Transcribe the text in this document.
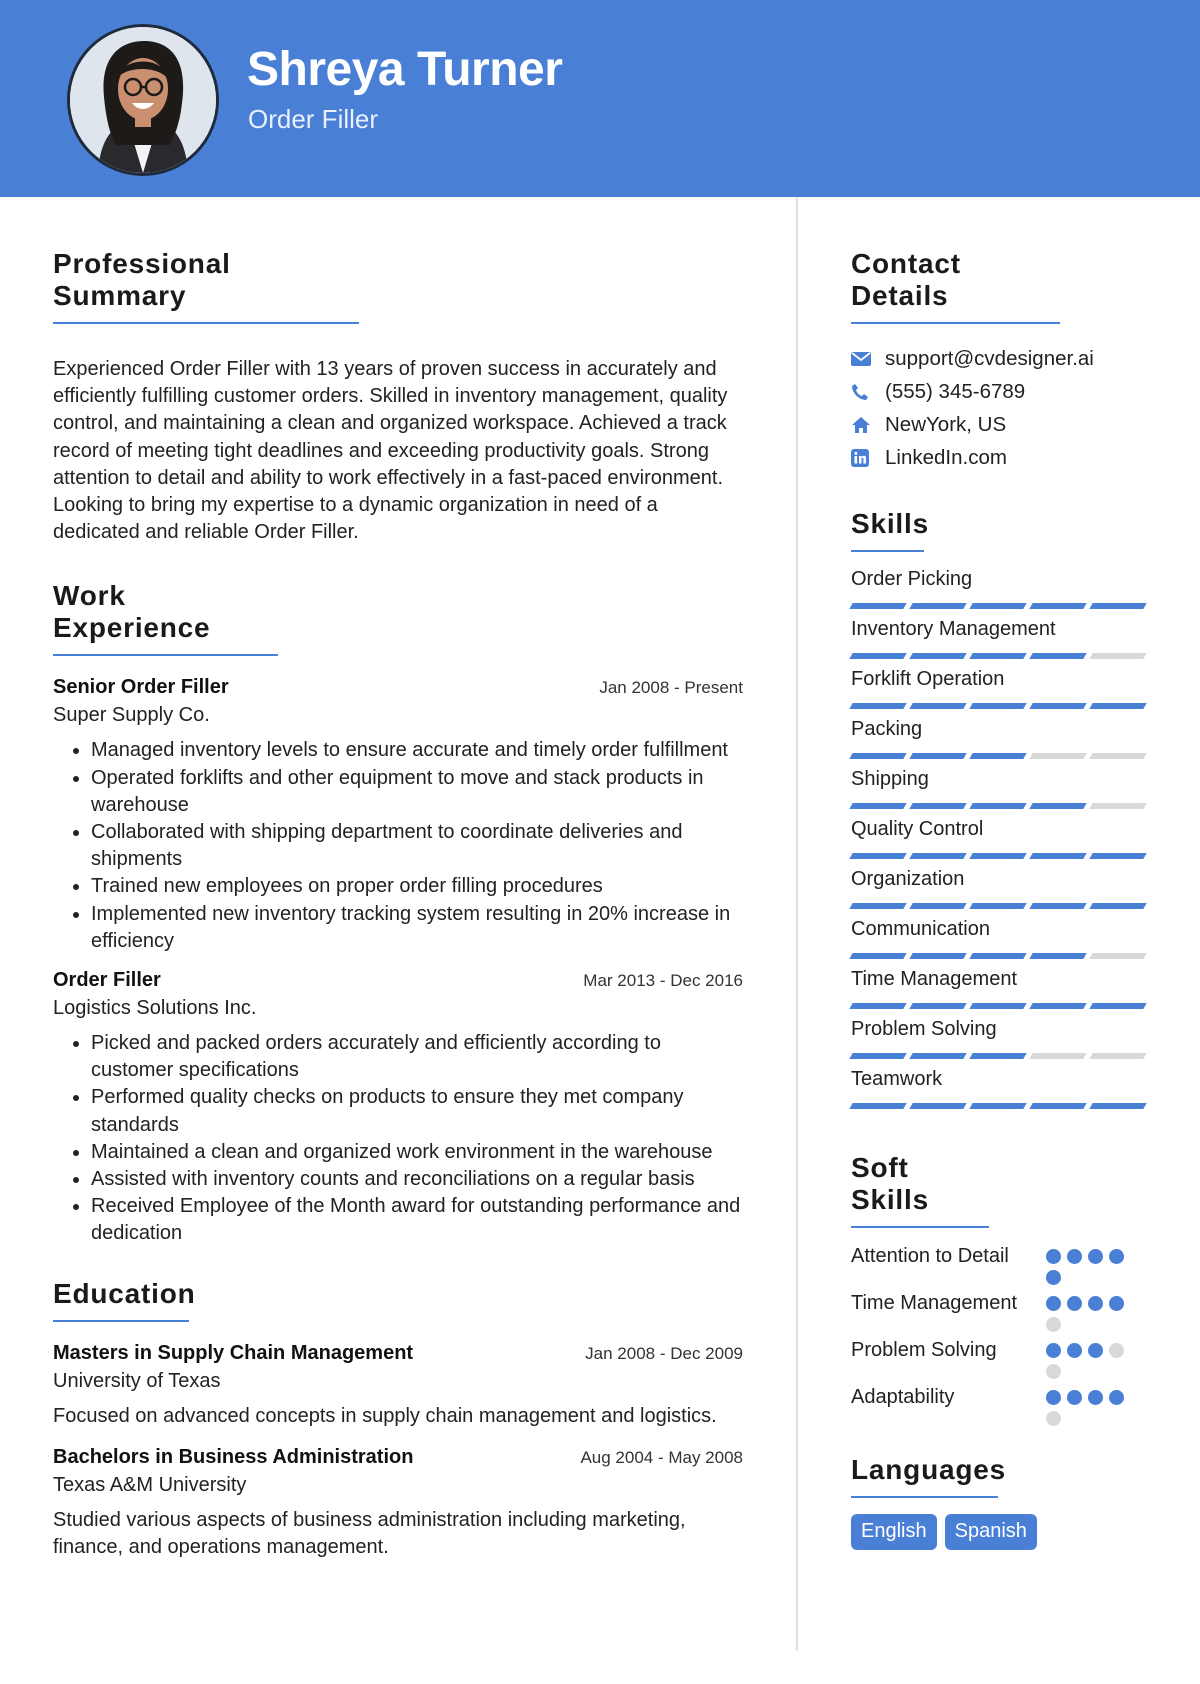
Shreya Turner
Order Filler
Professional Summary

Experienced Order Filler with 13 years of proven success in accurately and efficiently fulfilling customer orders. Skilled in inventory management, quality control, and maintaining a clean and organized workspace. Achieved a track record of meeting tight deadlines and exceeding productivity goals. Strong attention to detail and ability to work effectively in a fast-paced environment. Looking to bring my expertise to a dynamic organization in need of a dedicated and reliable Order Filler.

Work Experience
Senior Order Filler	Jan 2008 - Present
Super Supply Co.
• Managed inventory levels to ensure accurate and timely order fulfillment
• Operated forklifts and other equipment to move and stack products in warehouse
• Collaborated with shipping department to coordinate deliveries and shipments
• Trained new employees on proper order filling procedures
• Implemented new inventory tracking system resulting in 20% increase in efficiency
Order Filler	Mar 2013 - Dec 2016
Logistics Solutions Inc.
• Picked and packed orders accurately and efficiently according to customer specifications
• Performed quality checks on products to ensure they met company standards
• Maintained a clean and organized work environment in the warehouse
• Assisted with inventory counts and reconciliations on a regular basis
• Received Employee of the Month award for outstanding performance and dedication
Education
Masters in Supply Chain Management	Jan 2008 - Dec 2009
University of Texas

Focused on advanced concepts in supply chain management and logistics.

Bachelors in Business Administration	Aug 2004 - May 2008
Texas A&M University

Studied various aspects of business administration including marketing, finance, and operations management.

Contact Details
support@cvdesigner.ai
(555) 345-6789
NewYork, US
LinkedIn.com
Skills
Order Picking
Inventory Management
Forklift Operation
Packing
Shipping
Quality Control
Organization
Communication
Time Management
Problem Solving
Teamwork
Soft Skills
Attention to Detail
Time Management
Problem Solving
Adaptability
Languages
English	Spanish
